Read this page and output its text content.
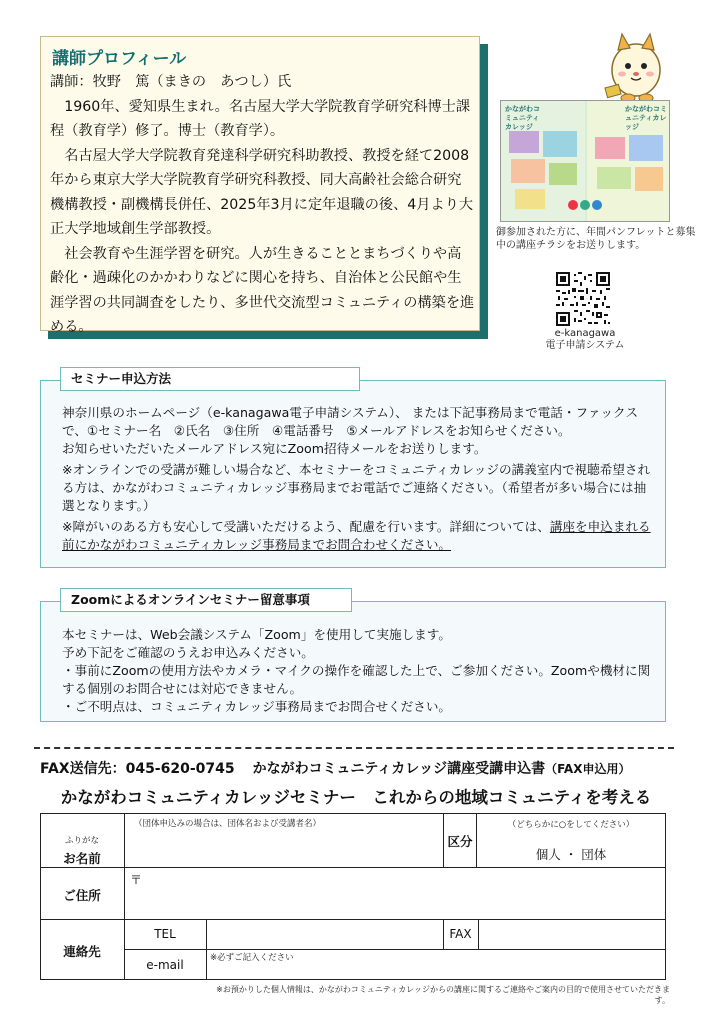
講師プロフィール

講師：牧野　篤（まきの　あつし）氏

1960年、愛知県生まれ。名古屋大学大学院教育学研究科博士課程（教育学）修了。博士（教育学）。

名古屋大学大学院教育発達科学研究科助教授、教授を経て2008年から東京大学大学院教育学研究科教授、同大高齢社会総合研究機構教授・副機構長併任、2025年3月に定年退職の後、4月より大正大学地域創生学部教授。

社会教育や生涯学習を研究。人が生きることとまちづくりや高齢化・過疎化のかかわりなどに関心を持ち、自治体と公民館や生涯学習の共同調査をしたり、多世代交流型コミュニティの構築を進める。

かながわコミュニティカレッジ
かながわコミュニティカレッジ
御参加された方に、年間パンフレットと募集中の講座チラシをお送りします。
e-kanagawa
電子申請システム
セミナー申込方法

神奈川県のホームページ（e-kanagawa電子申請システム）、 または下記事務局まで電話・ファックスで、①セミナー名　②氏名　③住所　④電話番号　⑤メールアドレスをお知らせください。

お知らせいただいたメールアドレス宛にZoom招待メールをお送りします。

※オンラインでの受講が難しい場合など、本セミナーをコミュニティカレッジの講義室内で視聴希望される方は、かながわコミュニティカレッジ事務局までお電話でご連絡ください。（希望者が多い場合には抽選となります。）

※障がいのある方も安心して受講いただけるよう、配慮を行います。詳細については、講座を申込まれる前にかながわコミュニティカレッジ事務局までお問合わせください。

Zoomによるオンラインセミナー留意事項

本セミナーは、Web会議システム「Zoom」を使用して実施します。

予め下記をご確認のうえお申込みください。

・事前にZoomの使用方法やカメラ・マイクの操作を確認した上で、ご参加ください。Zoomや機材に関する個別のお問合せには対応できません。

・ご不明点は、コミュニティカレッジ事務局までお問合せください。

FAX送信先：045-620-0745 かながわコミュニティカレッジ講座受講申込書（FAX申込用）
かながわコミュニティカレッジセミナー　これからの地域コミュニティを考える
ふりがな
お名前
（団体申込みの場合は、団体名および受講者名）
区分
（どちらかに○をしてください）
個人 ・ 団体
ご住所
〒
連絡先
TEL	FAX
e-mail	※必ずご記入ください
※お預かりした個人情報は、かながわコミュニティカレッジからの講座に関するご連絡やご案内の目的で使用させていただきます。
